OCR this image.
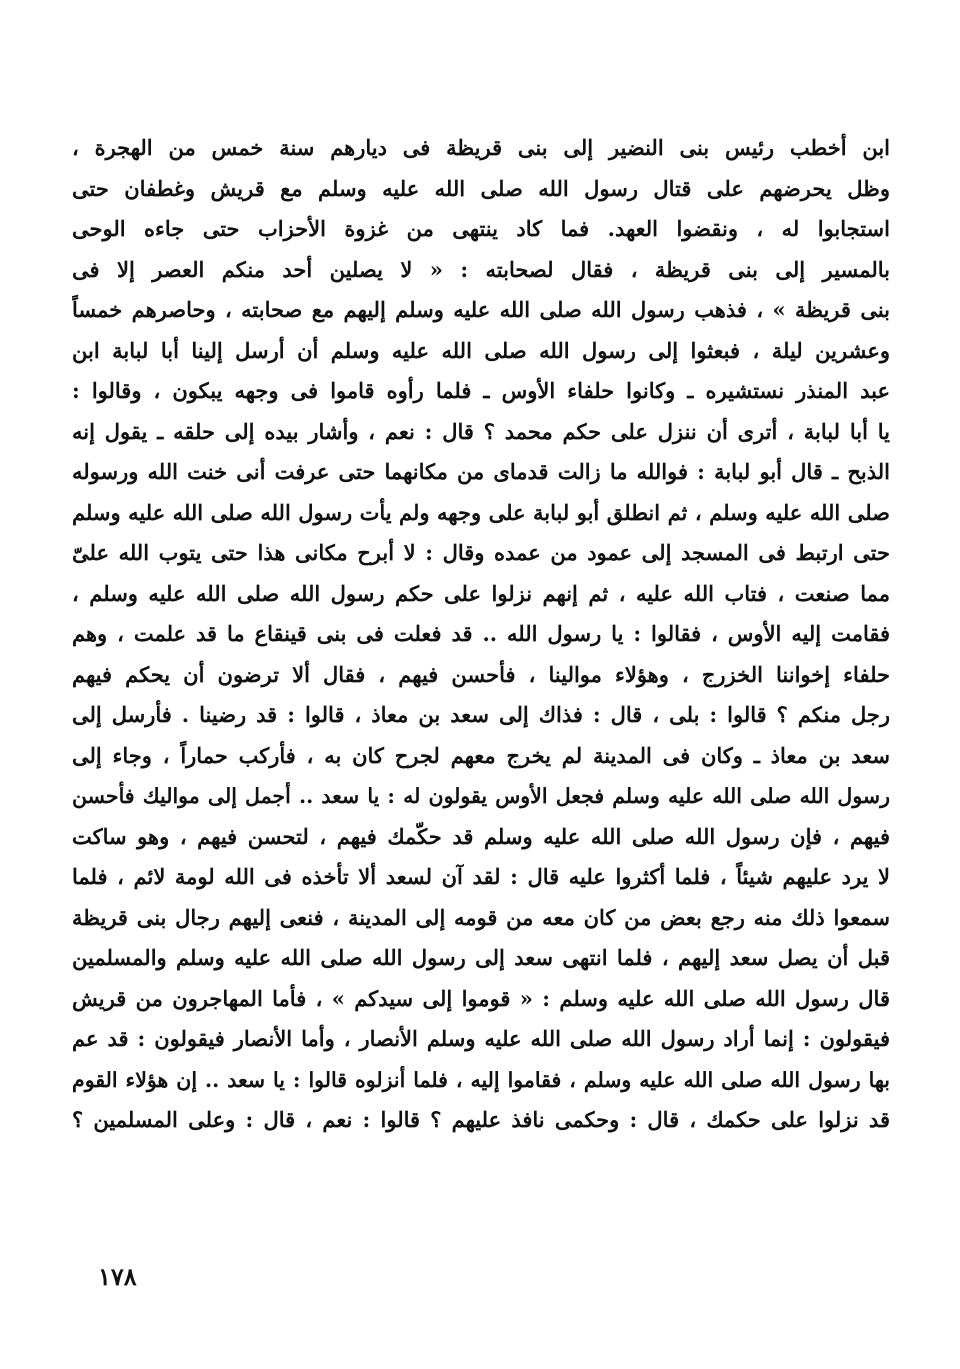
ابن أخطب رئيس بنى النضير إلى بنى قريظة فى ديارهم سنة خمس من الهجرة ،
وظل يحرضهم على قتال رسول الله صلى الله عليه وسلم مع قريش وغطفان حتى
استجابوا له ، ونقضوا العهد. فما كاد ينتهى من غزوة الأحزاب حتى جاءه الوحى
بالمسير إلى بنى قريظة ، فقال لصحابته : « لا يصلين أحد منكم العصر إلا فى
بنى قريظة » ، فذهب رسول الله صلى الله عليه وسلم إليهم مع صحابته ، وحاصرهم خمساً
وعشرين ليلة ، فبعثوا إلى رسول الله صلى الله عليه وسلم أن أرسل إلينا أبا لبابة ابن
عبد المنذر نستشيره ـ وكانوا حلفاء الأوس ـ فلما رأوه قاموا فى وجهه يبكون ، وقالوا :
يا أبا لبابة ، أترى أن ننزل على حكم محمد ؟ قال : نعم ، وأشار بيده إلى حلقه ـ يقول إنه
الذبح ـ قال أبو لبابة : فوالله ما زالت قدماى من مكانهما حتى عرفت أنى خنت الله ورسوله
صلى الله عليه وسلم ، ثم انطلق أبو لبابة على وجهه ولم يأت رسول الله صلى الله عليه وسلم
حتى ارتبط فى المسجد إلى عمود من عمده وقال : لا أبرح مكانى هذا حتى يتوب الله علىّ
مما صنعت ، فتاب الله عليه ، ثم إنهم نزلوا على حكم رسول الله صلى الله عليه وسلم ،
فقامت إليه الأوس ، فقالوا : يا رسول الله .. قد فعلت فى بنى قينقاع ما قد علمت ، وهم
حلفاء إخواننا الخزرج ، وهؤلاء موالينا ، فأحسن فيهم ، فقال ألا ترضون أن يحكم فيهم
رجل منكم ؟ قالوا : بلى ، قال : فذاك إلى سعد بن معاذ ، قالوا : قد رضينا . فأرسل إلى
سعد بن معاذ ـ وكان فى المدينة لم يخرج معهم لجرح كان به ، فأركب حماراً ، وجاء إلى
رسول الله صلى الله عليه وسلم فجعل الأوس يقولون له : يا سعد .. أجمل إلى مواليك فأحسن
فيهم ، فإن رسول الله صلى الله عليه وسلم قد حكّمك فيهم ، لتحسن فيهم ، وهو ساكت
لا يرد عليهم شيئاً ، فلما أكثروا عليه قال : لقد آن لسعد ألا تأخذه فى الله لومة لائم ، فلما
سمعوا ذلك منه رجع بعض من كان معه من قومه إلى المدينة ، فنعى إليهم رجال بنى قريظة
قبل أن يصل سعد إليهم ، فلما انتهى سعد إلى رسول الله صلى الله عليه وسلم والمسلمين
قال رسول الله صلى الله عليه وسلم : « قوموا إلى سيدكم » ، فأما المهاجرون من قريش
فيقولون : إنما أراد رسول الله صلى الله عليه وسلم الأنصار ، وأما الأنصار فيقولون : قد عم
بها رسول الله صلى الله عليه وسلم ، فقاموا إليه ، فلما أنزلوه قالوا : يا سعد .. إن هؤلاء القوم
قد نزلوا على حكمك ، قال : وحكمى نافذ عليهم ؟ قالوا : نعم ، قال : وعلى المسلمين ؟
١٧٨
